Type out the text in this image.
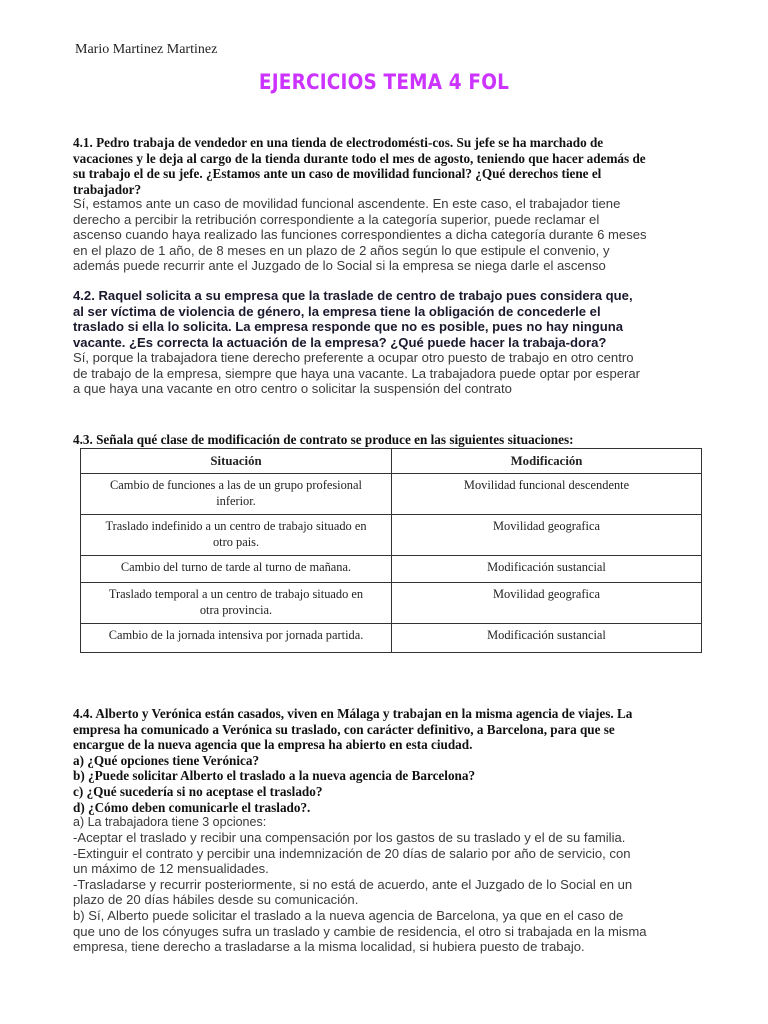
Mario Martinez Martinez
EJERCICIOS TEMA 4 FOL
4.1. Pedro trabaja de vendedor en una tienda de electrodomésti-cos. Su jefe se ha marchado de
vacaciones y le deja al cargo de la tienda durante todo el mes de agosto, teniendo que hacer además de
su trabajo el de su jefe. ¿Estamos ante un caso de movilidad funcional? ¿Qué derechos tiene el
trabajador?
Sí, estamos ante un caso de movilidad funcional ascendente. En este caso, el trabajador tiene
derecho a percibir la retribución correspondiente a la categoría superior, puede reclamar el
ascenso cuando haya realizado las funciones correspondientes a dicha categoría durante 6 meses
en el plazo de 1 año, de 8 meses en un plazo de 2 años según lo que estipule el convenio, y
además puede recurrir ante el Juzgado de lo Social si la empresa se niega darle el ascenso
4.2. Raquel solicita a su empresa que la traslade de centro de trabajo pues considera que,
al ser víctima de violencia de género, la empresa tiene la obligación de concederle el
traslado si ella lo solicita. La empresa responde que no es posible, pues no hay ninguna
vacante. ¿Es correcta la actuación de la empresa? ¿Qué puede hacer la trabaja-dora?
Sí, porque la trabajadora tiene derecho preferente a ocupar otro puesto de trabajo en otro centro
de trabajo de la empresa, siempre que haya una vacante. La trabajadora puede optar por esperar
a que haya una vacante en otro centro o solicitar la suspensión del contrato
4.3. Señala qué clase de modificación de contrato se produce en las siguientes situaciones:
Situación	Modificación

Cambio de funciones a las de un grupo profesional
inferior.	Movilidad funcional descendente

Traslado indefinido a un centro de trabajo situado en
otro pais.	Movilidad geografica

Cambio del turno de tarde al turno de mañana.	Modificación sustancial

Traslado temporal a un centro de trabajo situado en
otra provincia.	Movilidad geografica

Cambio de la jornada intensiva por jornada partida.	Modificación sustancial
4.4. Alberto y Verónica están casados, viven en Málaga y trabajan en la misma agencia de viajes. La
empresa ha comunicado a Verónica su traslado, con carácter definitivo, a Barcelona, para que se
encargue de la nueva agencia que la empresa ha abierto en esta ciudad.
a) ¿Qué opciones tiene Verónica?
b) ¿Puede solicitar Alberto el traslado a la nueva agencia de Barcelona?
c) ¿Qué sucedería si no aceptase el traslado?
d) ¿Cómo deben comunicarle el traslado?.
a) La trabajadora tiene 3 opciones:
-Aceptar el traslado y recibir una compensación por los gastos de su traslado y el de su familia.
-Extinguir el contrato y percibir una indemnización de 20 días de salario por año de servicio, con
un máximo de 12 mensualidades.
-Trasladarse y recurrir posteriormente, si no está de acuerdo, ante el Juzgado de lo Social en un
plazo de 20 días hábiles desde su comunicación.
b) Sí, Alberto puede solicitar el traslado a la nueva agencia de Barcelona, ya que en el caso de
que uno de los cónyuges sufra un traslado y cambie de residencia, el otro si trabajada en la misma
empresa, tiene derecho a trasladarse a la misma localidad, si hubiera puesto de trabajo.
